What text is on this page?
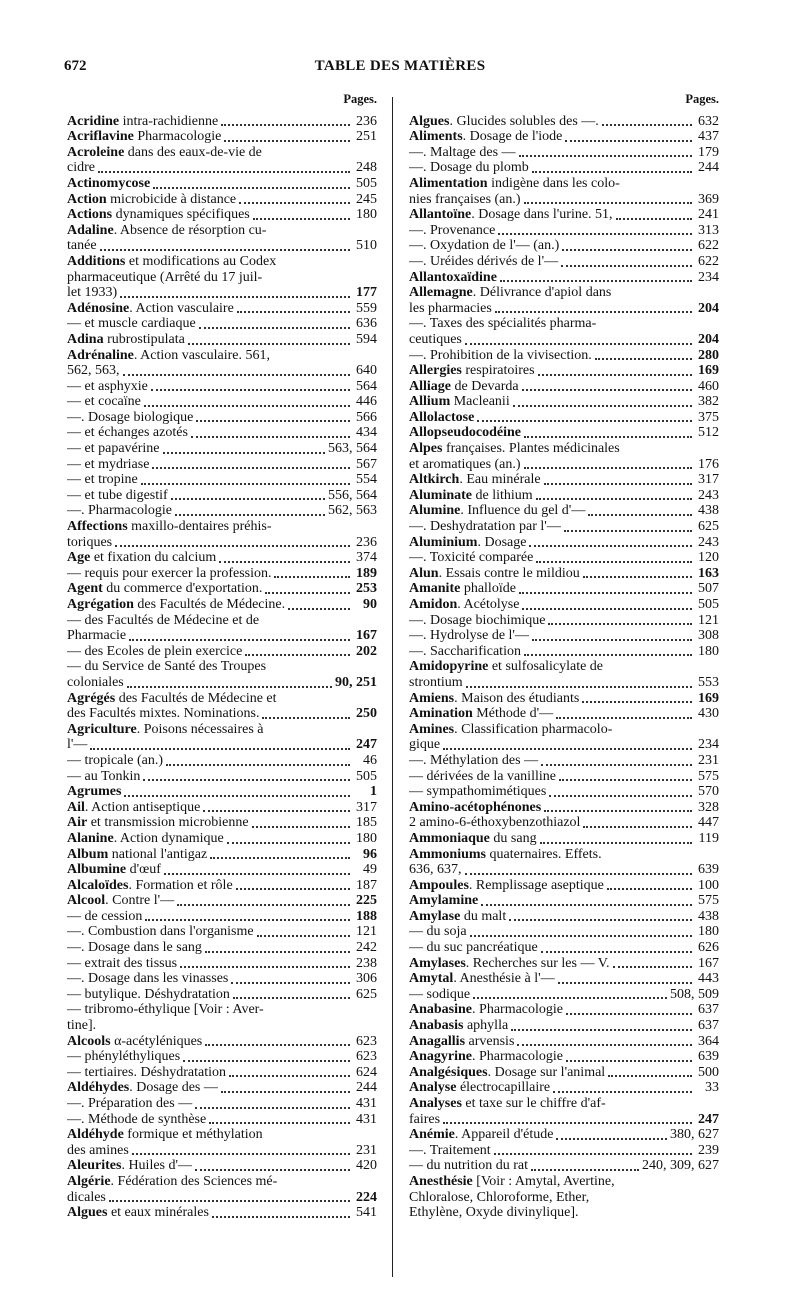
672	TABLE DES MATIÈRES
Pages.
Acridine intra-rachidienne	236
Acriflavine Pharmacologie	251
Acroleine dans des eaux-de-vie de
cidre	248
Actinomycose	505
Action microbicide à distance	245
Actions dynamiques spécifiques	180
Adaline. Absence de résorption cu-
tanée	510
Additions et modifications au Codex
pharmaceutique (Arrêté du 17 juil-
let 1933)	177
Adénosine. Action vasculaire	559
— et muscle cardiaque	636
Adina rubrostipulata	594
Adrénaline. Action vasculaire. 561,
562, 563,	640
— et asphyxie	564
— et cocaïne	446
—. Dosage biologique	566
— et échanges azotés	434
— et papavérine	563, 564
— et mydriase	567
— et tropine	554
— et tube digestif	556, 564
—. Pharmacologie	562, 563
Affections maxillo-dentaires préhis-
toriques	236
Age et fixation du calcium	374
— requis pour exercer la profession.	189
Agent du commerce d'exportation.	253
Agrégation des Facultés de Médecine.	90
— des Facultés de Médecine et de
Pharmacie	167
— des Ecoles de plein exercice	202
— du Service de Santé des Troupes
coloniales	90, 251
Agrégés des Facultés de Médecine et
des Facultés mixtes. Nominations.	250
Agriculture. Poisons nécessaires à
l'—	247
— tropicale (an.)	46
— au Tonkin	505
Agrumes	1
Ail. Action antiseptique	317
Air et transmission microbienne	185
Alanine. Action dynamique	180
Album national l'antigaz	96
Albumine d'œuf	49
Alcaloïdes. Formation et rôle	187
Alcool. Contre l'—	225
— de cession	188
—. Combustion dans l'organisme	121
—. Dosage dans le sang	242
— extrait des tissus	238
—. Dosage dans les vinasses	306
— butylique. Déshydratation	625
— tribromo-éthylique [Voir : Aver-
tine].
Alcools α-acétyléniques	623
— phényléthyliques	623
— tertiaires. Déshydratation	624
Aldéhydes. Dosage des —	244
—. Préparation des —	431
—. Méthode de synthèse	431
Aldéhyde formique et méthylation
des amines	231
Aleurites. Huiles d'—	420
Algérie. Fédération des Sciences mé-
dicales	224
Algues et eaux minérales	541
Pages.
Algues. Glucides solubles des —.	632
Aliments. Dosage de l'iode	437
—. Maltage des —	179
—. Dosage du plomb	244
Alimentation indigène dans les colo-
nies françaises (an.)	369
Allantoïne. Dosage dans l'urine. 51,	241
—. Provenance	313
—. Oxydation de l'— (an.)	622
—. Uréides dérivés de l'—	622
Allantoxaïdine	234
Allemagne. Délivrance d'apiol dans
les pharmacies	204
—. Taxes des spécialités pharma-
ceutiques	204
—. Prohibition de la vivisection.	280
Allergies respiratoires	169
Alliage de Devarda	460
Allium Macleanii	382
Allolactose	375
Allopseudocodéine	512
Alpes françaises. Plantes médicinales
et aromatiques (an.)	176
Altkirch. Eau minérale	317
Aluminate de lithium	243
Alumine. Influence du gel d'—	438
—. Deshydratation par l'—	625
Aluminium. Dosage	243
—. Toxicité comparée	120
Alun. Essais contre le mildiou	163
Amanite phalloïde	507
Amidon. Acétolyse	505
—. Dosage biochimique	121
—. Hydrolyse de l'—	308
—. Saccharification	180
Amidopyrine et sulfosalicylate de
strontium	553
Amiens. Maison des étudiants	169
Amination Méthode d'—	430
Amines. Classification pharmacolo-
gique	234
—. Méthylation des —	231
— dérivées de la vanilline	575
— sympathomimétiques	570
Amino-acétophénones	328
2 amino-6-éthoxybenzothiazol	447
Ammoniaque du sang	119
Ammoniums quaternaires. Effets.
636, 637,	639
Ampoules. Remplissage aseptique	100
Amylamine	575
Amylase du malt	438
— du soja	180
— du suc pancréatique	626
Amylases. Recherches sur les — V.	167
Amytal. Anesthésie à l'—	443
— sodique	508, 509
Anabasine. Pharmacologie	637
Anabasis aphylla	637
Anagallis arvensis	364
Anagyrine. Pharmacologie	639
Analgésiques. Dosage sur l'animal	500
Analyse électrocapillaire	33
Analyses et taxe sur le chiffre d'af-
faires	247
Anémie. Appareil d'étude	380, 627
—. Traitement	239
— du nutrition du rat	240, 309, 627
Anesthésie [Voir : Amytal, Avertine,
Chloralose, Chloroforme, Ether,
Ethylène, Oxyde divinylique].
